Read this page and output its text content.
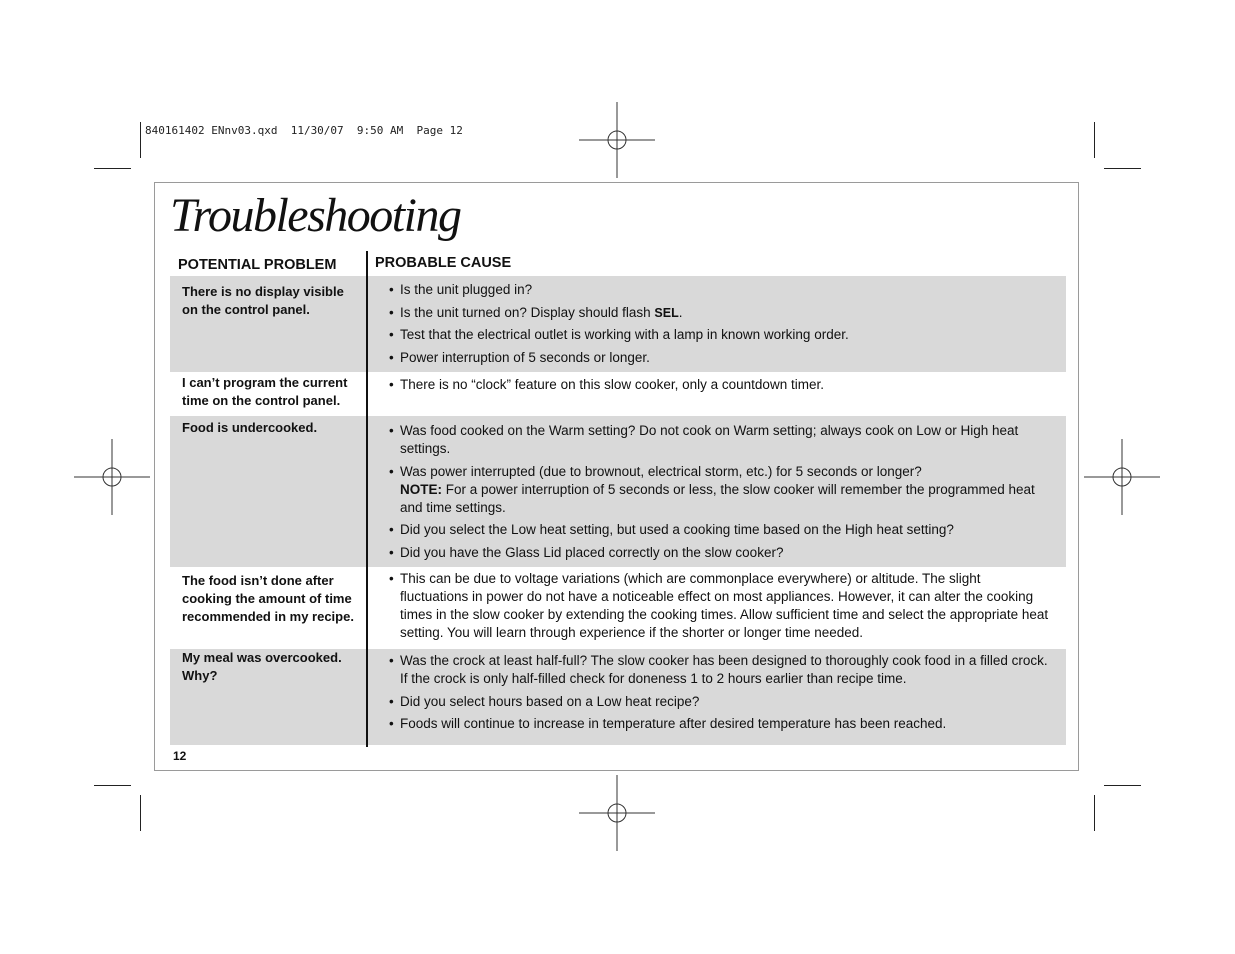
840161402 ENnv03.qxd  11/30/07  9:50 AM  Page 12
Troubleshooting
POTENTIAL PROBLEM	PROBABLE CAUSE
There is no display visible on the control panel.
• Is the unit plugged in?
• Is the unit turned on? Display should flash SEL.
• Test that the electrical outlet is working with a lamp in known working order.
• Power interruption of 5 seconds or longer.
I can’t program the current time on the control panel.
• There is no “clock” feature on this slow cooker, only a countdown timer.
Food is undercooked.
•	Was food cooked on the Warm setting? Do not cook on Warm setting; always cook on Low or High heat settings.
• Was power interrupted (due to brownout, electrical storm, etc.) for 5 seconds or longer?
NOTE: For a power interruption of 5 seconds or less, the slow cooker will remember the programmed heat and time settings.
• Did you select the Low heat setting, but used a cooking time based on the High heat setting?
• Did you have the Glass Lid placed correctly on the slow cooker?
The food isn’t done after cooking the amount of time recommended in my recipe.
• This can be due to voltage variations (which are commonplace everywhere) or altitude. The slight fluctuations in power do not have a noticeable effect on most appliances. However, it can alter the cooking times in the slow cooker by extending the cooking times. Allow sufficient time and select the appropriate heat setting. You will learn through experience if the shorter or longer time needed.
My meal was overcooked. Why?
• Was the crock at least half-full? The slow cooker has been designed to thoroughly cook food in a filled crock. If the crock is only half-filled check for doneness 1 to 2 hours earlier than recipe time.
• Did you select hours based on a Low heat recipe?
• Foods will continue to increase in temperature after desired temperature has been reached.
12
